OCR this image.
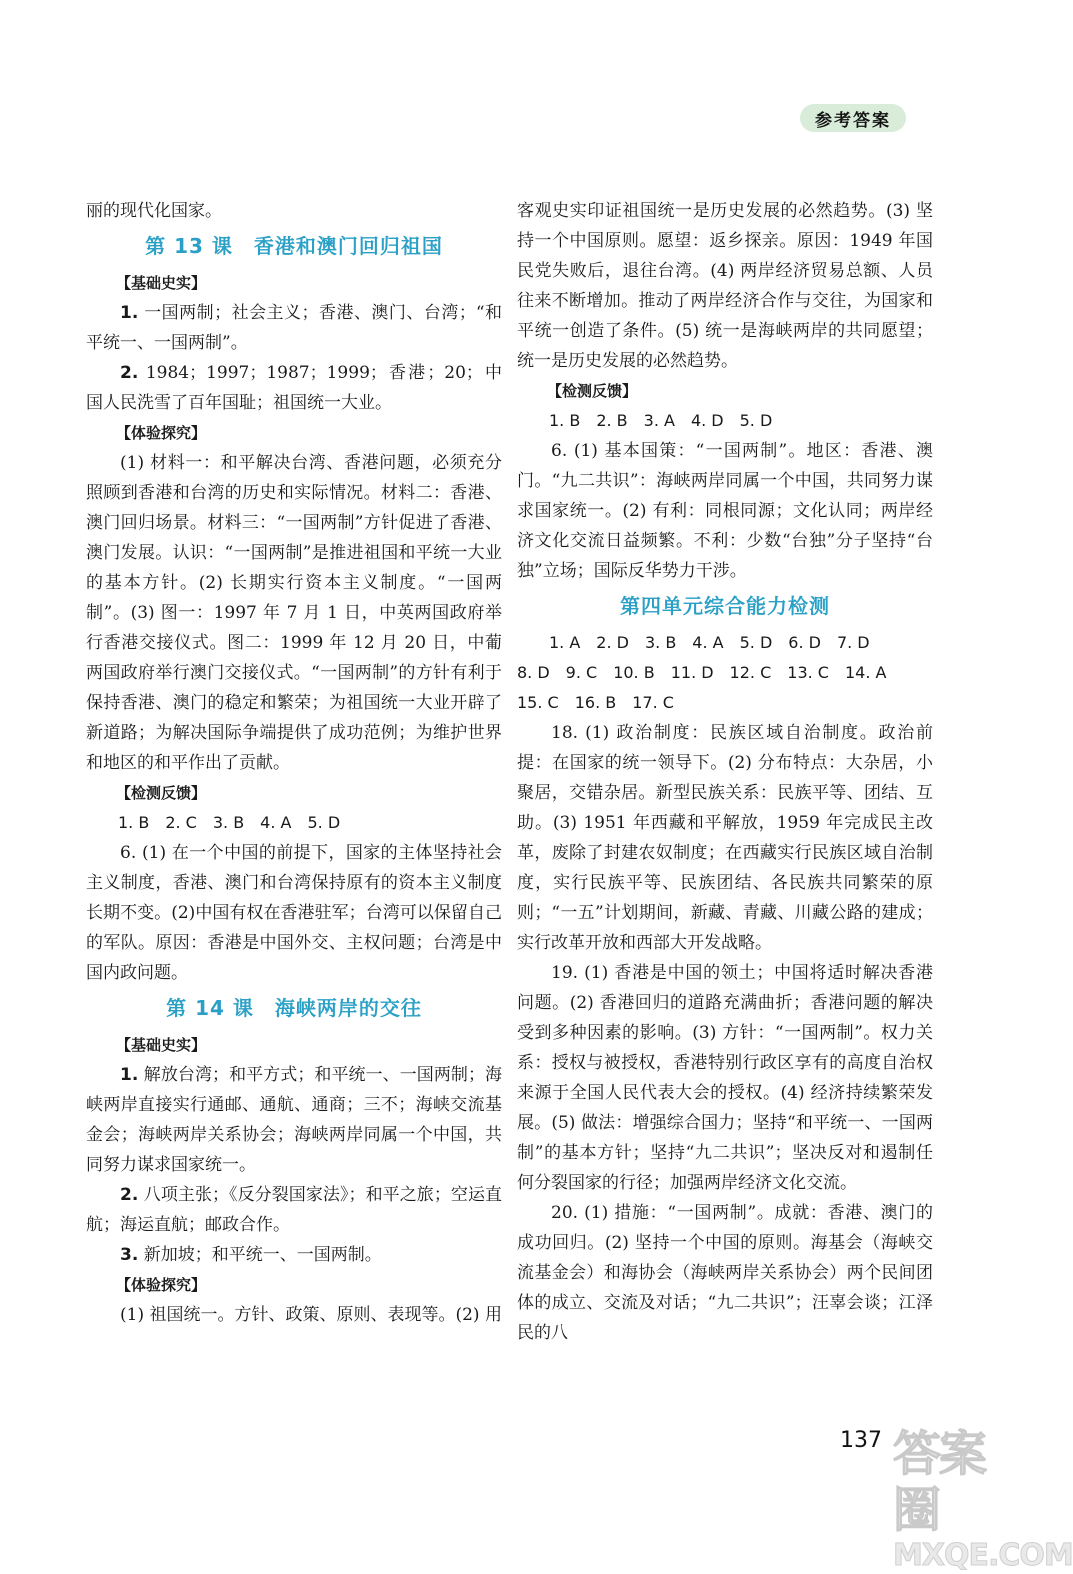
参考答案

丽的现代化国家。

第 13 课　香港和澳门回归祖国

【基础史实】

1. 一国两制；社会主义；香港、澳门、台湾；“和平统一、一国两制”。

2. 1984；1997；1987；1999；香港；20；中国人民洗雪了百年国耻；祖国统一大业。

【体验探究】

(1) 材料一：和平解决台湾、香港问题，必须充分照顾到香港和台湾的历史和实际情况。材料二：香港、澳门回归场景。材料三：“一国两制”方针促进了香港、澳门发展。认识：“一国两制”是推进祖国和平统一大业的基本方针。(2) 长期实行资本主义制度。“一国两制”。(3) 图一：1997 年 7 月 1 日，中英两国政府举行香港交接仪式。图二：1999 年 12 月 20 日，中葡两国政府举行澳门交接仪式。“一国两制”的方针有利于保持香港、澳门的稳定和繁荣；为祖国统一大业开辟了新道路；为解决国际争端提供了成功范例；为维护世界和地区的和平作出了贡献。

【检测反馈】

1. B　2. C　3. B　4. A　5. D

6. (1) 在一个中国的前提下，国家的主体坚持社会主义制度，香港、澳门和台湾保持原有的资本主义制度长期不变。(2)中国有权在香港驻军；台湾可以保留自己的军队。原因：香港是中国外交、主权问题；台湾是中国内政问题。

第 14 课　海峡两岸的交往

【基础史实】

1. 解放台湾；和平方式；和平统一、一国两制；海峡两岸直接实行通邮、通航、通商；三不；海峡交流基金会；海峡两岸关系协会；海峡两岸同属一个中国，共同努力谋求国家统一。

2. 八项主张；《反分裂国家法》；和平之旅；空运直航；海运直航；邮政合作。

3. 新加坡；和平统一、一国两制。

【体验探究】

(1) 祖国统一。方针、政策、原则、表现等。(2) 用

客观史实印证祖国统一是历史发展的必然趋势。(3) 坚持一个中国原则。愿望：返乡探亲。原因：1949 年国民党失败后，退往台湾。(4) 两岸经济贸易总额、人员往来不断增加。推动了两岸经济合作与交往，为国家和平统一创造了条件。(5) 统一是海峡两岸的共同愿望；统一是历史发展的必然趋势。

【检测反馈】

1. B　2. B　3. A　4. D　5. D

6. (1) 基本国策：“一国两制”。地区：香港、澳门。“九二共识”：海峡两岸同属一个中国，共同努力谋求国家统一。(2) 有利：同根同源；文化认同；两岸经济文化交流日益频繁。不利：少数“台独”分子坚持“台独”立场；国际反华势力干涉。

第四单元综合能力检测

1. A　2. D　3. B　4. A　5. D　6. D　7. D

8. D　9. C　10. B　11. D　12. C　13. C　14. A

15. C　16. B　17. C

18. (1) 政治制度：民族区域自治制度。政治前提：在国家的统一领导下。(2) 分布特点：大杂居，小聚居，交错杂居。新型民族关系：民族平等、团结、互助。(3) 1951 年西藏和平解放，1959 年完成民主改革，废除了封建农奴制度；在西藏实行民族区域自治制度，实行民族平等、民族团结、各民族共同繁荣的原则；“一五”计划期间，新藏、青藏、川藏公路的建成；实行改革开放和西部大开发战略。

19. (1) 香港是中国的领土；中国将适时解决香港问题。(2) 香港回归的道路充满曲折；香港问题的解决受到多种因素的影响。(3) 方针：“一国两制”。权力关系：授权与被授权，香港特别行政区享有的高度自治权来源于全国人民代表大会的授权。(4) 经济持续繁荣发展。(5) 做法：增强综合国力；坚持“和平统一、一国两制”的基本方针；坚持“九二共识”；坚决反对和遏制任何分裂国家的行径；加强两岸经济文化交流。

20. (1) 措施：“一国两制”。成就：香港、澳门的成功回归。(2) 坚持一个中国的原则。海基会（海峡交流基金会）和海协会（海峡两岸关系协会）两个民间团体的成立、交流及对话；“九二共识”；汪辜会谈；江泽民的八

137 答案圈
MXQE.COM
